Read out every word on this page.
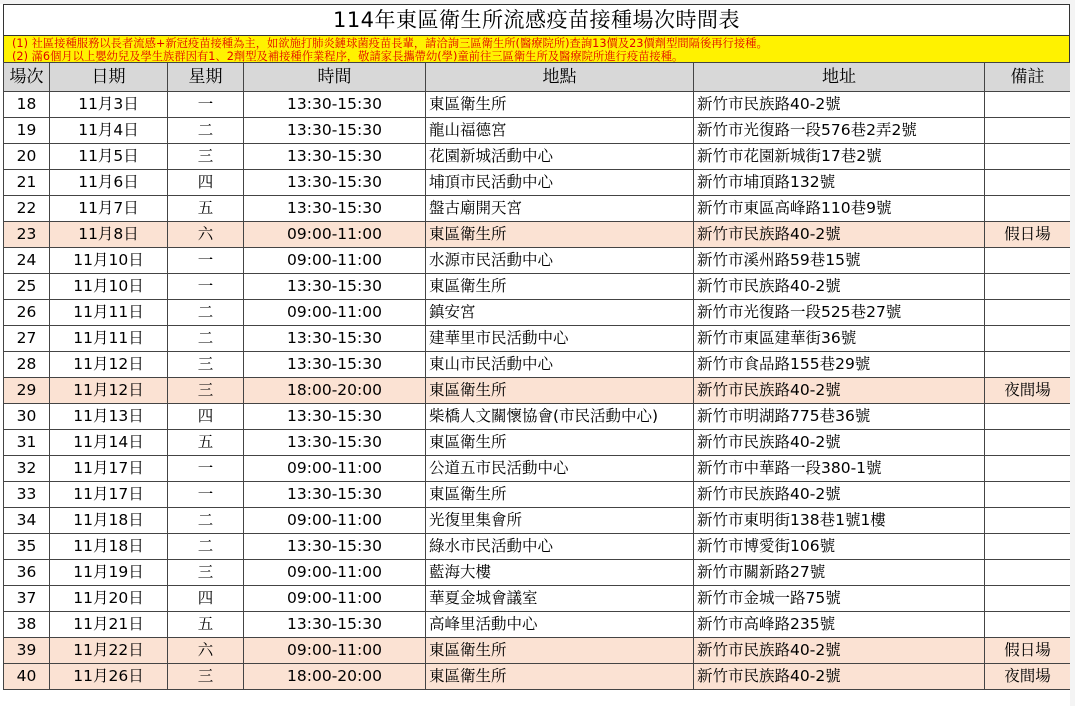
114年東區衛生所流感疫苗接種場次時間表
(1) 社區接種服務以長者流感+新冠疫苗接種為主，如欲施打肺炎鏈球菌疫苗長輩，請洽詢三區衛生所(醫療院所)查詢13價及23價劑型間隔後再行接種。
(2) 滿6個月以上嬰幼兒及學生族群因有1、2劑型及補接種作業程序，敬請家長攜帶幼(學)童前往三區衛生所及醫療院所進行疫苗接種。
場次	日期	星期	時間	地點	地址	備註
18	11月3日	一	13:30-15:30	東區衛生所	新竹市民族路40-2號	
19	11月4日	二	13:30-15:30	龍山福德宮	新竹市光復路一段576巷2弄2號	
20	11月5日	三	13:30-15:30	花園新城活動中心	新竹市花園新城街17巷2號	
21	11月6日	四	13:30-15:30	埔頂市民活動中心	新竹市埔頂路132號	
22	11月7日	五	13:30-15:30	盤古廟開天宮	新竹市東區高峰路110巷9號	
23	11月8日	六	09:00-11:00	東區衛生所	新竹市民族路40-2號	假日場
24	11月10日	一	09:00-11:00	水源市民活動中心	新竹市溪州路59巷15號	
25	11月10日	一	13:30-15:30	東區衛生所	新竹市民族路40-2號	
26	11月11日	二	09:00-11:00	鎮安宮	新竹市光復路一段525巷27號	
27	11月11日	二	13:30-15:30	建華里市民活動中心	新竹市東區建華街36號	
28	11月12日	三	13:30-15:30	東山市民活動中心	新竹市食品路155巷29號	
29	11月12日	三	18:00-20:00	東區衛生所	新竹市民族路40-2號	夜間場
30	11月13日	四	13:30-15:30	柴橋人文關懷協會(市民活動中心)	新竹市明湖路775巷36號	
31	11月14日	五	13:30-15:30	東區衛生所	新竹市民族路40-2號	
32	11月17日	一	09:00-11:00	公道五市民活動中心	新竹市中華路一段380-1號	
33	11月17日	一	13:30-15:30	東區衛生所	新竹市民族路40-2號	
34	11月18日	二	09:00-11:00	光復里集會所	新竹市東明街138巷1號1樓	
35	11月18日	二	13:30-15:30	綠水市民活動中心	新竹市博愛街106號	
36	11月19日	三	09:00-11:00	藍海大樓	新竹市關新路27號	
37	11月20日	四	09:00-11:00	華夏金城會議室	新竹市金城一路75號	
38	11月21日	五	13:30-15:30	高峰里活動中心	新竹市高峰路235號	
39	11月22日	六	09:00-11:00	東區衛生所	新竹市民族路40-2號	假日場
40	11月26日	三	18:00-20:00	東區衛生所	新竹市民族路40-2號	夜間場
